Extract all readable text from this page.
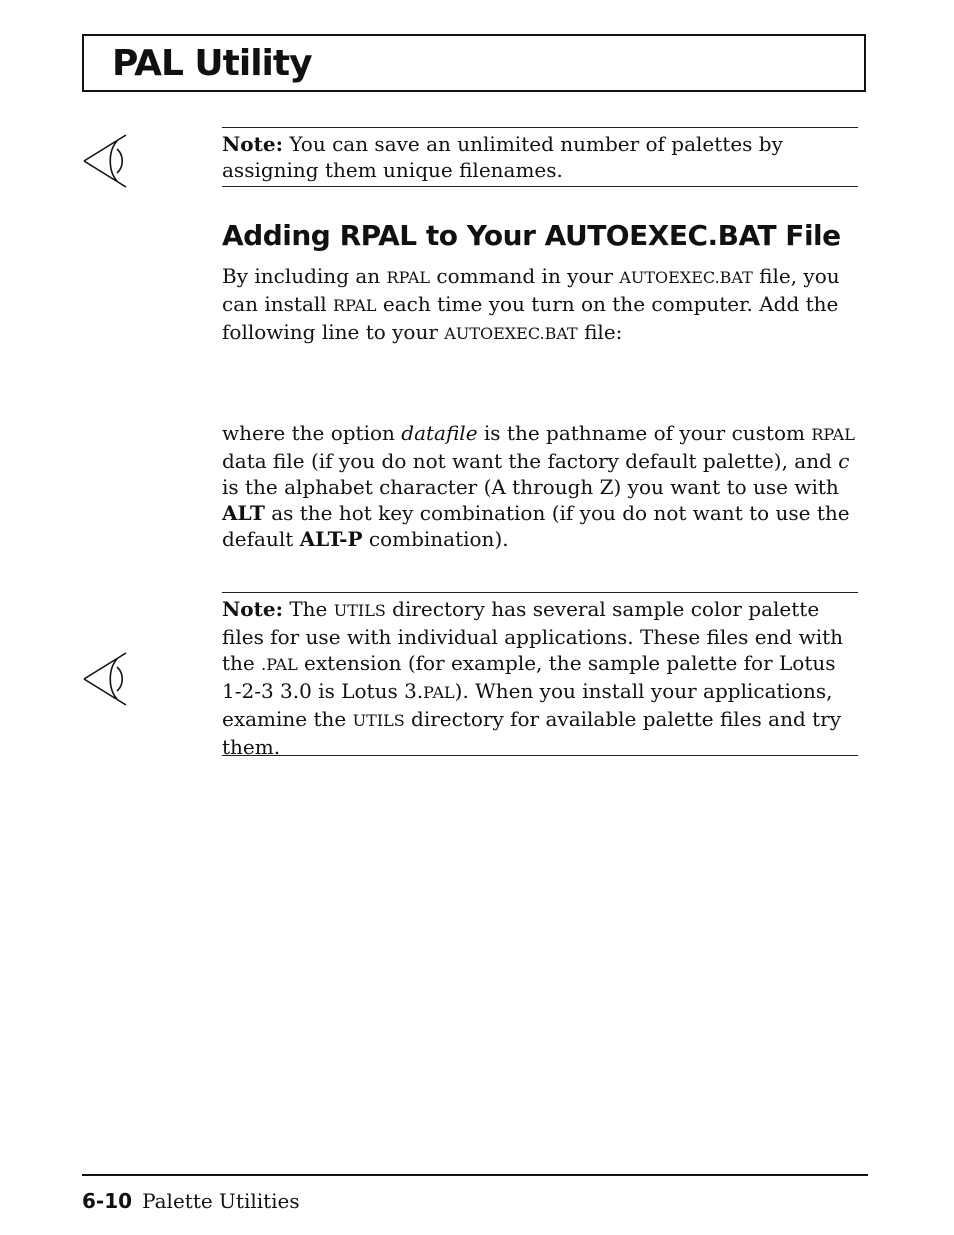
PAL Utility

Note: You can save an unlimited number of palettes by assigning them unique filenames.

Adding RPAL to Your AUTOEXEC.BAT File

By including an RPAL command in your AUTOEXEC.BAT file, you can install RPAL each time you turn on the computer. Add the following line to your AUTOEXEC.BAT file:

where the option datafile is the pathname of your custom RPAL data file (if you do not want the factory default palette), and c is the alphabet character (A through Z) you want to use with ALT as the hot key combination (if you do not want to use the default ALT-P combination).

Note: The UTILS directory has several sample color palette files for use with individual applications. These files end with the .PAL extension (for example, the sample palette for Lotus 1-2-3 3.0 is Lotus 3.PAL). When you install your applications, examine the UTILS directory for available palette files and try them.

6-10 Palette Utilities
